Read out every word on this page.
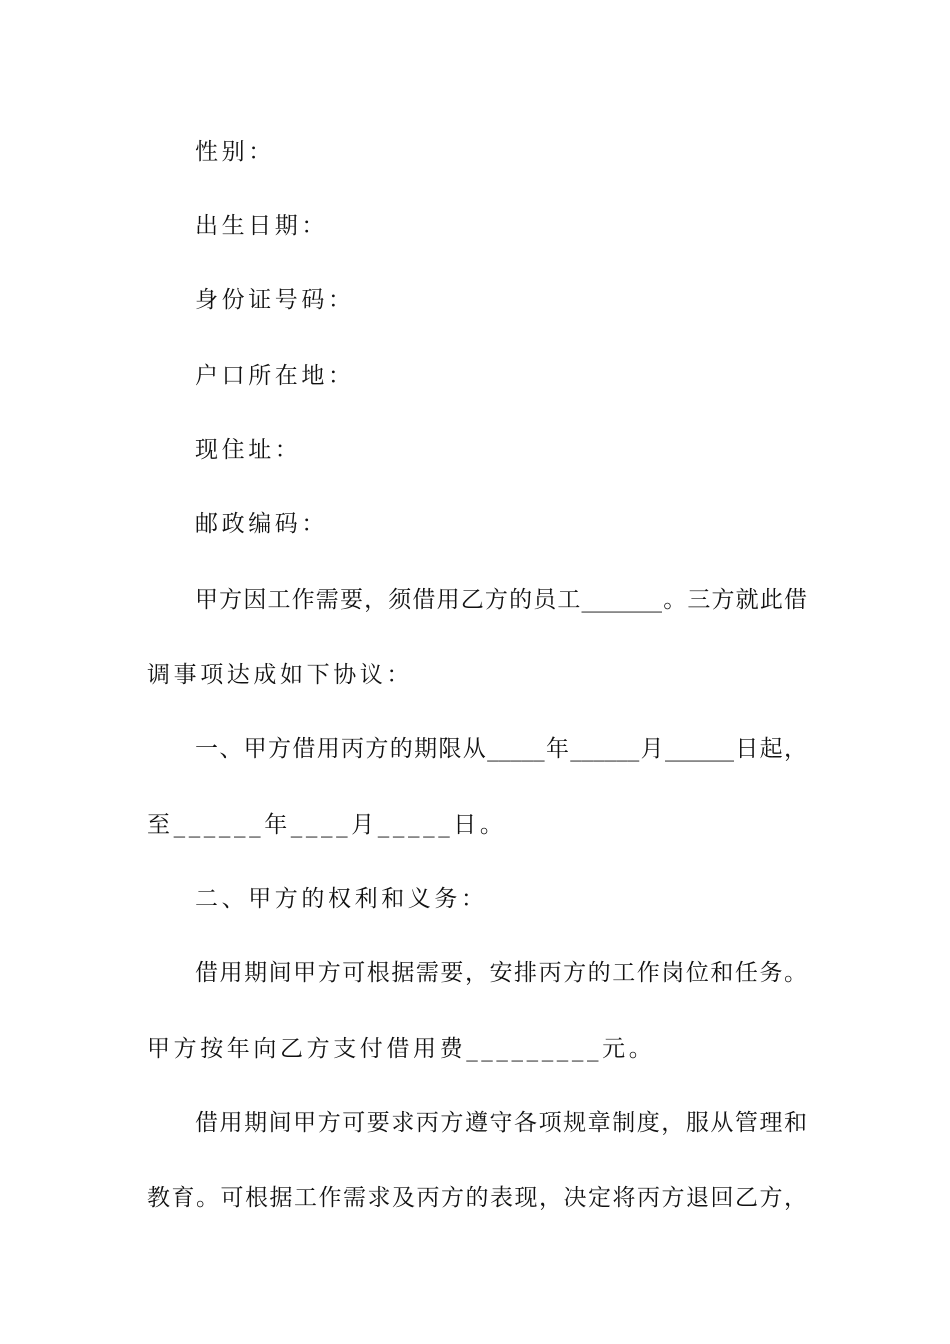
性别：

出生日期：

身份证号码：

户口所在地：

现住址：

邮政编码：

甲方因工作需要，须借用乙方的员工_______。三方就此借

调事项达成如下协议：

一、甲方借用丙方的期限从_____年______月______日起，

至______年____月_____日。

二、甲方的权利和义务：

借用期间甲方可根据需要，安排丙方的工作岗位和任务。

甲方按年向乙方支付借用费_________元。

借用期间甲方可要求丙方遵守各项规章制度，服从管理和

教育。可根据工作需求及丙方的表现，决定将丙方退回乙方，
